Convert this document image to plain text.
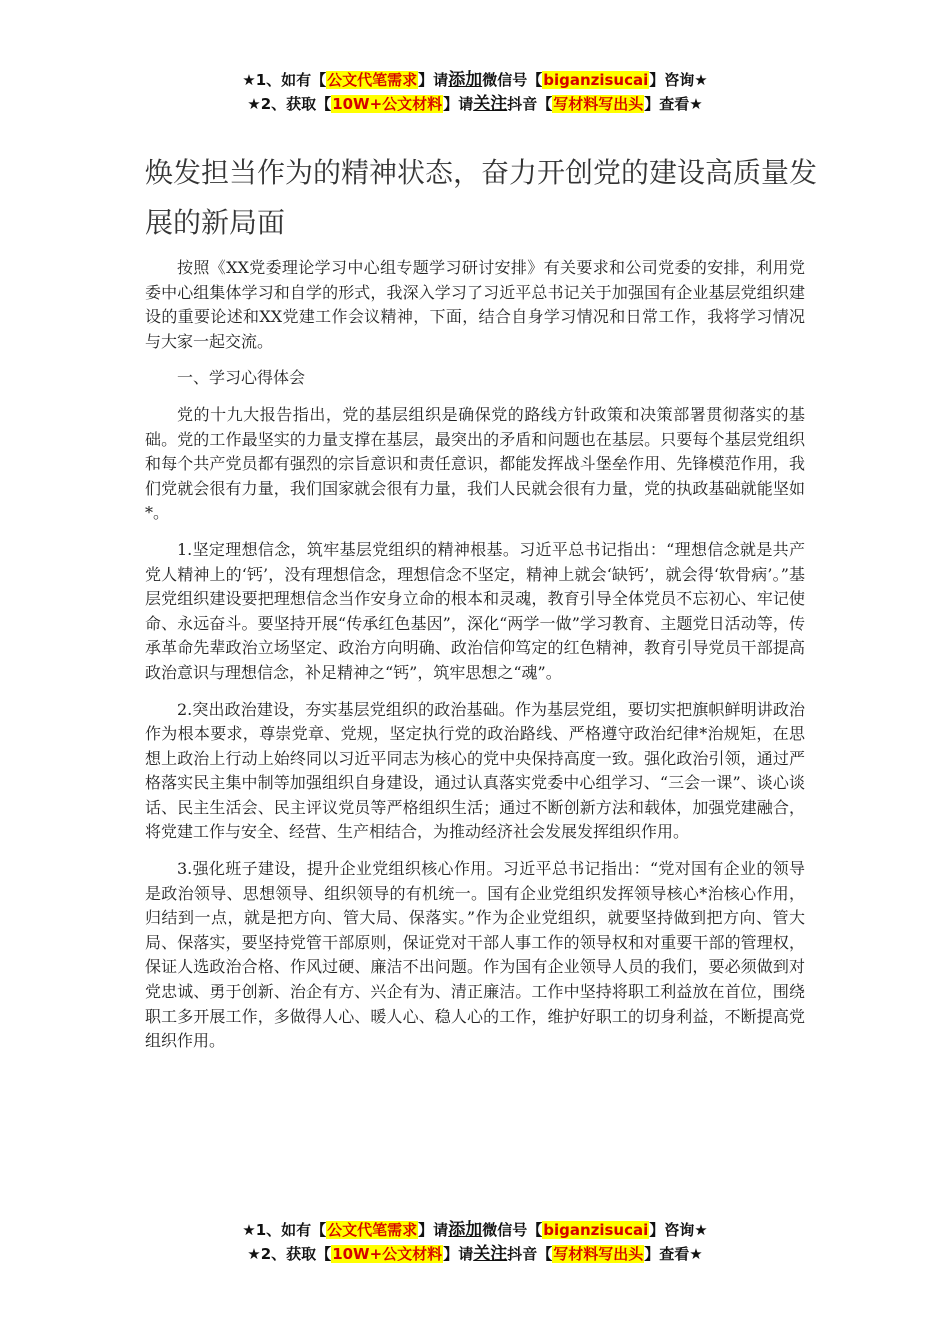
★1、如有【公文代笔需求】请添加微信号【biganzisucai】咨询★
★2、获取【10W+公文材料】请关注抖音【写材料写出头】查看★
焕发担当作为的精神状态，奋力开创党的建设高质量发展的新局面

按照《XX党委理论学习中心组专题学习研讨安排》有关要求和公司党委的安排，利用党委中心组集体学习和自学的形式，我深入学习了习近平总书记关于加强国有企业基层党组织建设的重要论述和XX党建工作会议精神，下面，结合自身学习情况和日常工作，我将学习情况与大家一起交流。

一、学习心得体会

党的十九大报告指出，党的基层组织是确保党的路线方针政策和决策部署贯彻落实的基础。党的工作最坚实的力量支撑在基层，最突出的矛盾和问题也在基层。只要每个基层党组织和每个共产党员都有强烈的宗旨意识和责任意识，都能发挥战斗堡垒作用、先锋模范作用，我们党就会很有力量，我们国家就会很有力量，我们人民就会很有力量，党的执政基础就能坚如*。

1.坚定理想信念，筑牢基层党组织的精神根基。习近平总书记指出：“理想信念就是共产党人精神上的‘钙’，没有理想信念，理想信念不坚定，精神上就会‘缺钙’，就会得‘软骨病’。”基层党组织建设要把理想信念当作安身立命的根本和灵魂，教育引导全体党员不忘初心、牢记使命、永远奋斗。要坚持开展“传承红色基因”，深化“两学一做”学习教育、主题党日活动等，传承革命先辈政治立场坚定、政治方向明确、政治信仰笃定的红色精神，教育引导党员干部提高政治意识与理想信念，补足精神之“钙”，筑牢思想之“魂”。

2.突出政治建设，夯实基层党组织的政治基础。作为基层党组，要切实把旗帜鲜明讲政治作为根本要求，尊崇党章、党规，坚定执行党的政治路线、严格遵守政治纪律*治规矩，在思想上政治上行动上始终同以习近平同志为核心的党中央保持高度一致。强化政治引领，通过严格落实民主集中制等加强组织自身建设，通过认真落实党委中心组学习、“三会一课”、谈心谈话、民主生活会、民主评议党员等严格组织生活；通过不断创新方法和载体，加强党建融合，将党建工作与安全、经营、生产相结合，为推动经济社会发展发挥组织作用。

3.强化班子建设，提升企业党组织核心作用。习近平总书记指出：“党对国有企业的领导是政治领导、思想领导、组织领导的有机统一。国有企业党组织发挥领导核心*治核心作用，归结到一点，就是把方向、管大局、保落实。”作为企业党组织，就要坚持做到把方向、管大局、保落实，要坚持党管干部原则，保证党对干部人事工作的领导权和对重要干部的管理权，保证人选政治合格、作风过硬、廉洁不出问题。作为国有企业领导人员的我们，要必须做到对党忠诚、勇于创新、治企有方、兴企有为、清正廉洁。工作中坚持将职工利益放在首位，围绕职工多开展工作，多做得人心、暖人心、稳人心的工作，维护好职工的切身利益，不断提高党组织作用。

★1、如有【公文代笔需求】请添加微信号【biganzisucai】咨询★
★2、获取【10W+公文材料】请关注抖音【写材料写出头】查看★
